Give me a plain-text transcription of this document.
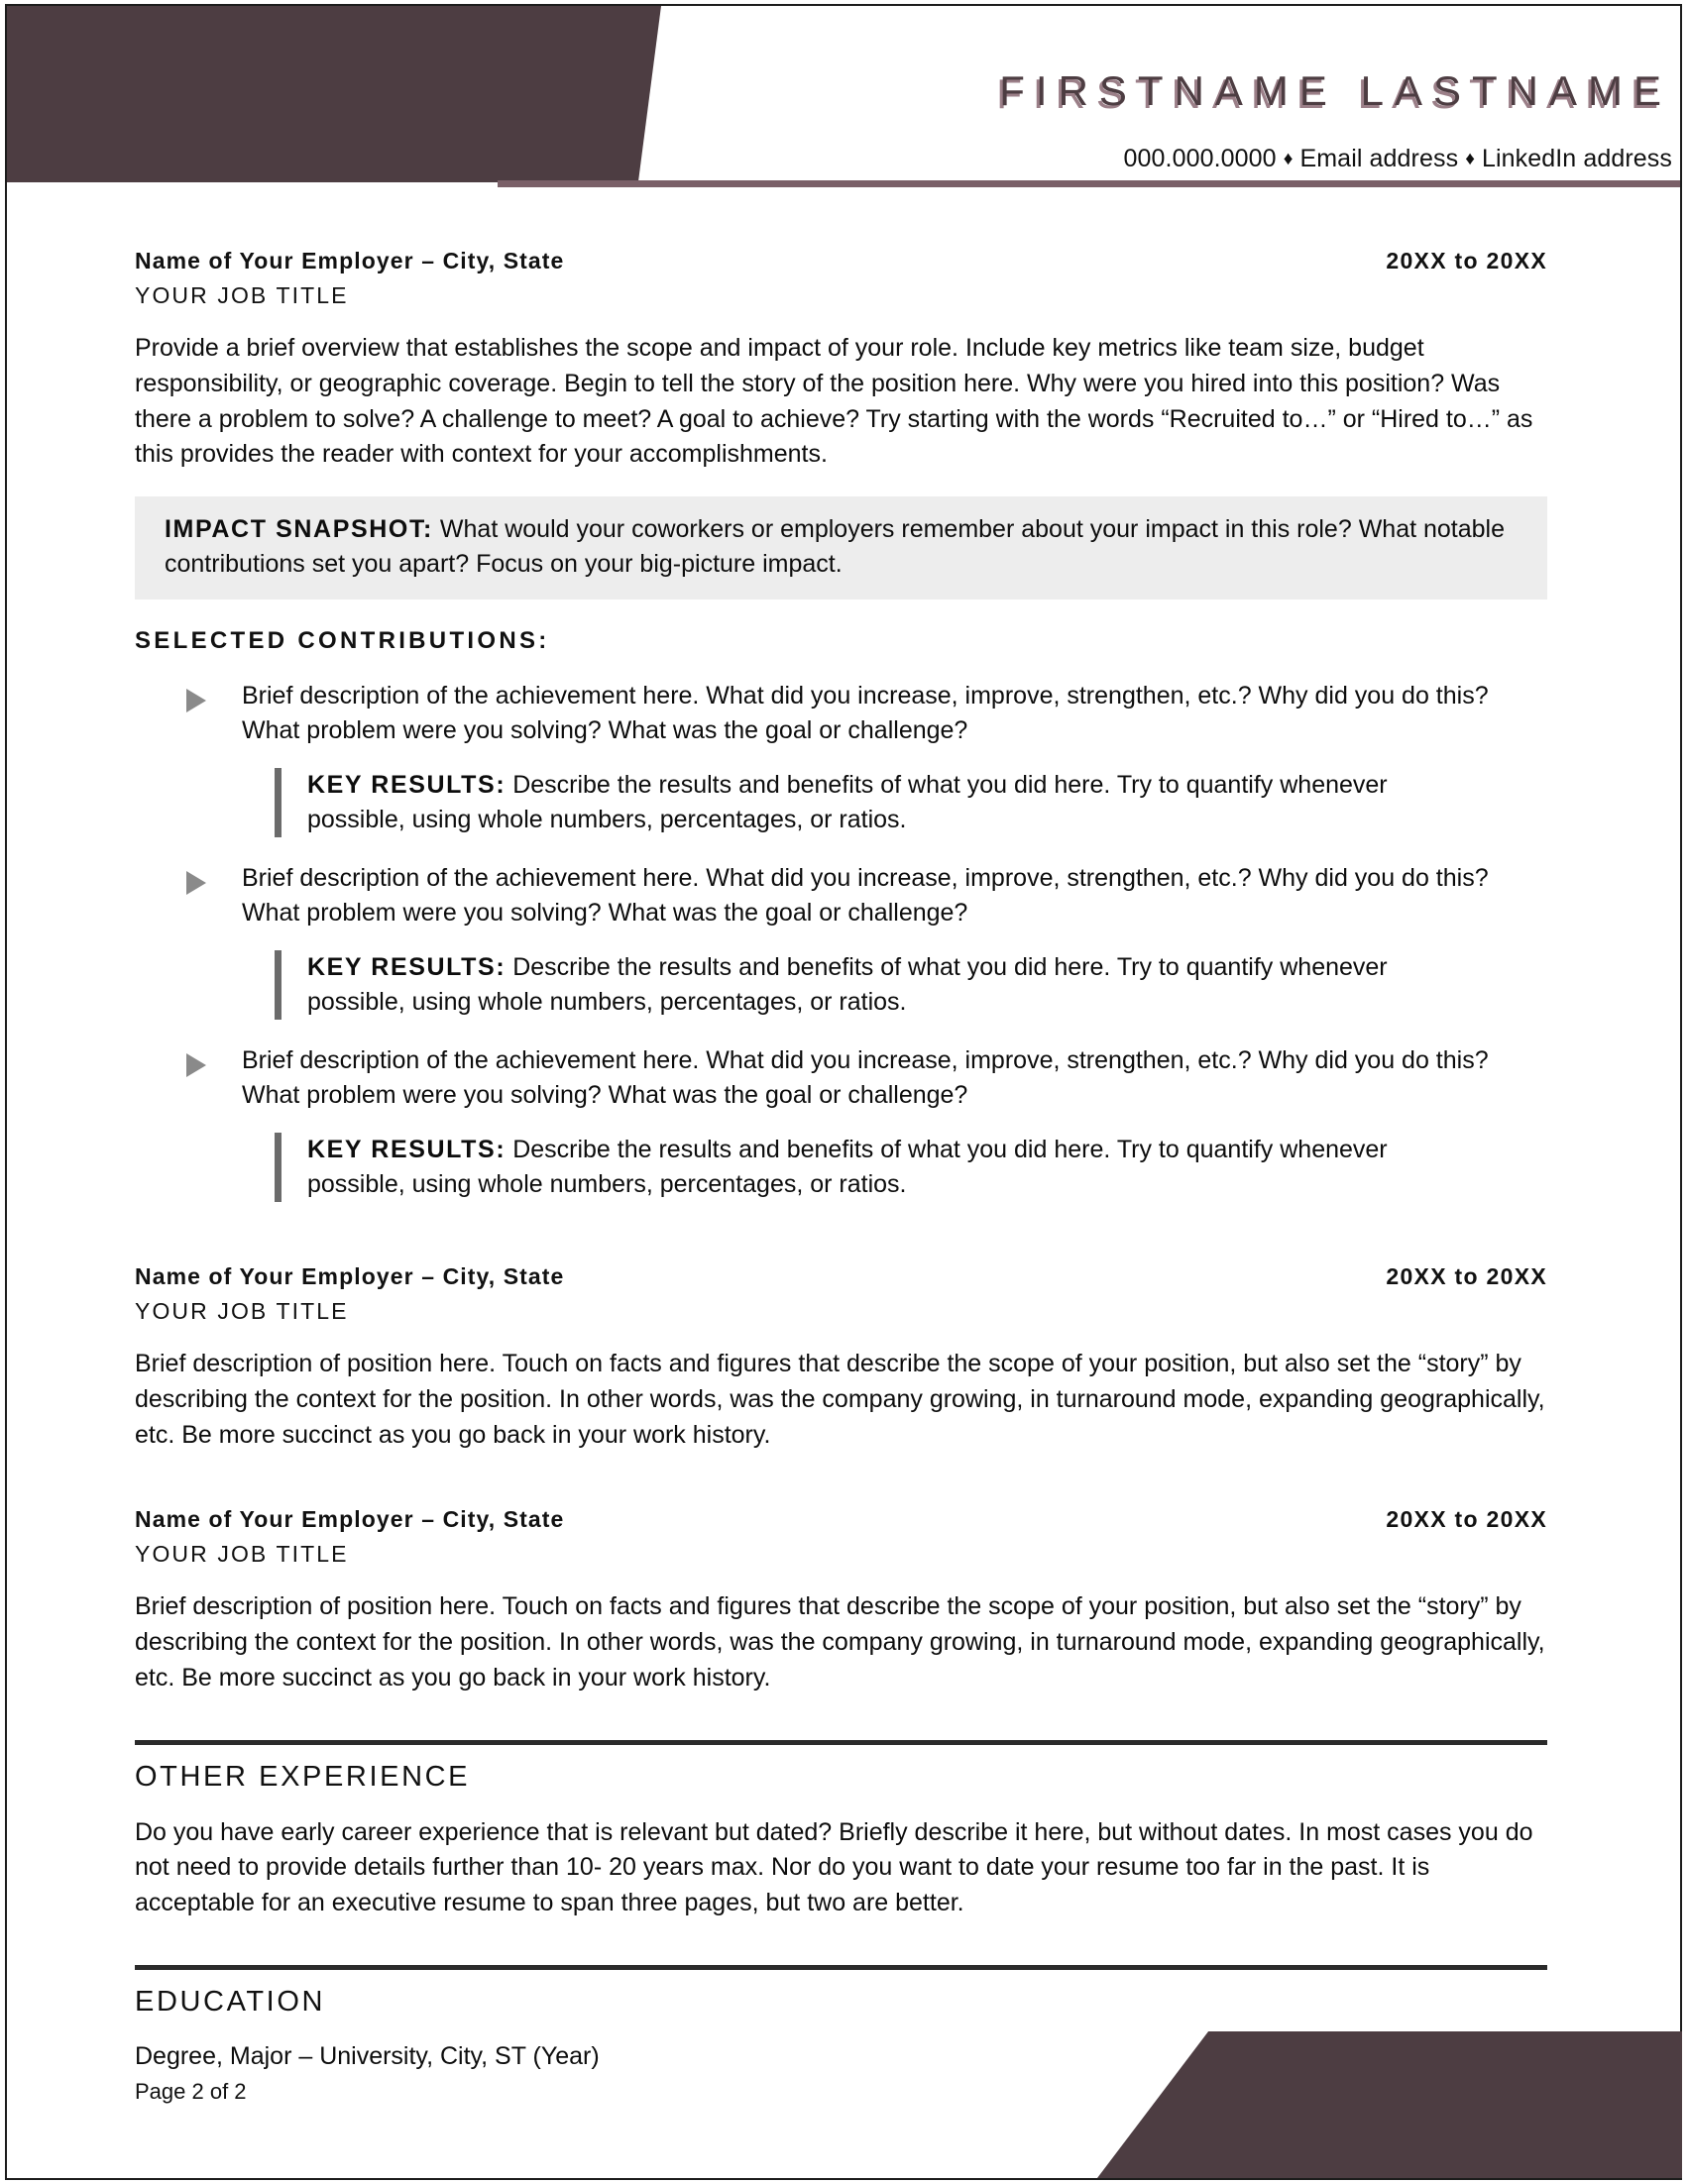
FIRSTNAME LASTNAME
000.000.0000 ♦ Email address ♦ LinkedIn address
Name of Your Employer – City, State	20XX to 20XX
YOUR JOB TITLE

Provide a brief overview that establishes the scope and impact of your role. Include key metrics like team size, budget responsibility, or geographic coverage. Begin to tell the story of the position here. Why were you hired into this position? Was there a problem to solve? A challenge to meet? A goal to achieve? Try starting with the words “Recruited to…” or “Hired to…” as this provides the reader with context for your accomplishments.

IMPACT SNAPSHOT: What would your coworkers or employers remember about your impact in this role? What notable contributions set you apart? Focus on your big-picture impact.
SELECTED CONTRIBUTIONS:
Brief description of the achievement here. What did you increase, improve, strengthen, etc.? Why did you do this? What problem were you solving? What was the goal or challenge?
KEY RESULTS: Describe the results and benefits of what you did here. Try to quantify whenever possible, using whole numbers, percentages, or ratios.
Brief description of the achievement here. What did you increase, improve, strengthen, etc.? Why did you do this? What problem were you solving? What was the goal or challenge?
KEY RESULTS: Describe the results and benefits of what you did here. Try to quantify whenever possible, using whole numbers, percentages, or ratios.
Brief description of the achievement here. What did you increase, improve, strengthen, etc.? Why did you do this? What problem were you solving? What was the goal or challenge?
KEY RESULTS: Describe the results and benefits of what you did here. Try to quantify whenever possible, using whole numbers, percentages, or ratios.
Name of Your Employer – City, State	20XX to 20XX
YOUR JOB TITLE

Brief description of position here. Touch on facts and figures that describe the scope of your position, but also set the “story” by describing the context for the position. In other words, was the company growing, in turnaround mode, expanding geographically, etc. Be more succinct as you go back in your work history.

Name of Your Employer – City, State	20XX to 20XX
YOUR JOB TITLE

Brief description of position here. Touch on facts and figures that describe the scope of your position, but also set the “story” by describing the context for the position. In other words, was the company growing, in turnaround mode, expanding geographically, etc. Be more succinct as you go back in your work history.

OTHER EXPERIENCE
Do you have early career experience that is relevant but dated? Briefly describe it here, but without dates. In most cases you do not need to provide details further than 10- 20 years max. Nor do you want to date your resume too far in the past. It is acceptable for an executive resume to span three pages, but two are better.
EDUCATION
Degree, Major – University, City, ST (Year)
Page 2 of 2
